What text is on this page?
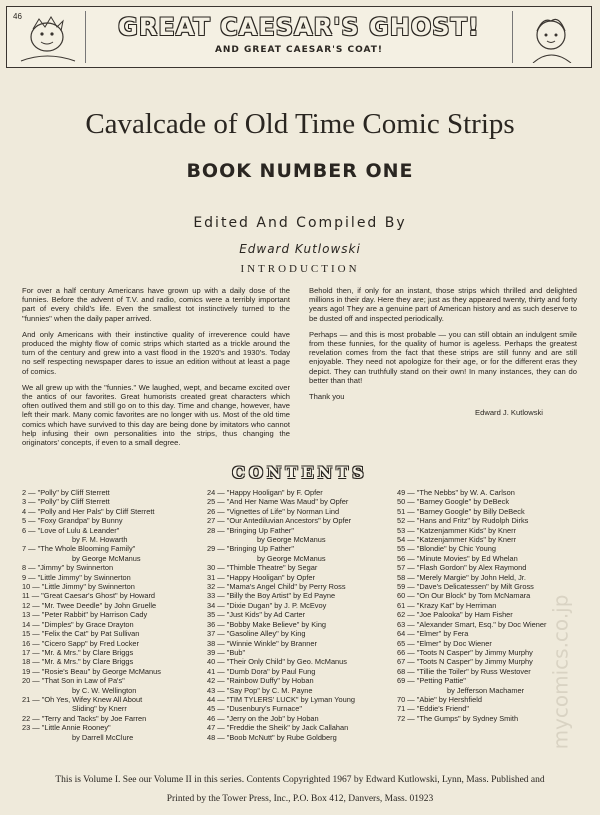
46	GREAT CAESAR'S GHOST!
AND GREAT CAESAR'S COAT!
Cavalcade of Old Time Comic Strips
BOOK NUMBER ONE
Edited And Compiled By
Edward Kutlowski
INTRODUCTION

For over a half century Americans have grown up with a daily dose of the funnies. Before the advent of T.V. and radio, comics were a terribly important part of every child's life. Even the smallest tot instinctively turned to the "funnies" when the daily paper arrived.

And only Americans with their instinctive quality of irreverence could have produced the mighty flow of comic strips which started as a trickle around the turn of the century and grew into a vast flood in the 1920's and 1930's. Today no self respecting newspaper dares to issue an edition without at least a page of comics.

We all grew up with the "funnies." We laughed, wept, and became excited over the antics of our favorites. Great humorists created great characters which often outlived them and still go on to this day. Time and change, however, have left their mark. Many comic favorites are no longer with us. Most of the old time comics which have survived to this day are being done by imitators who cannot help infusing their own personalities into the strips, thus changing the originators' concepts, if even to a small degree.

Behold then, if only for an instant, those strips which thrilled and delighted millions in their day. Here they are; just as they appeared twenty, thirty and forty years ago! They are a genuine part of American history and as such deserve to be dusted off and inspected periodically.

Perhaps — and this is most probable — you can still obtain an indulgent smile from these funnies, for the quality of humor is ageless. Perhaps the greatest revelation comes from the fact that these strips are still funny and are still enjoyable. They need not apologize for their age, or for the different eras they depict. They can truthfully stand on their own! In many instances, they can do better than that!

Thank you

Edward J. Kutlowski

CONTENTS
2 — "Polly" by Cliff Sterrett
3 — "Polly" by Cliff Sterrett
4 — "Polly and Her Pals" by Cliff Sterrett
5 — "Foxy Grandpa" by Bunny
6 — "Love of Lulu & Leander"
by F. M. Howarth
7 — "The Whole Blooming Family"
by George McManus
8 — "Jimmy" by Swinnerton
9 — "Little Jimmy" by Swinnerton
10 — "Little Jimmy" by Swinnerton
11 — "Great Caesar's Ghost" by Howard
12 — "Mr. Twee Deedle" by John Gruelle
13 — "Peter Rabbit" by Harrison Cady
14 — "Dimples" by Grace Drayton
15 — "Felix the Cat" by Pat Sullivan
16 — "Cicero Sapp" by Fred Locker
17 — "Mr. & Mrs." by Clare Briggs
18 — "Mr. & Mrs." by Clare Briggs
19 — "Rosie's Beau" by George McManus
20 — "That Son in Law of Pa's"
by C. W. Wellington
21 — "Oh Yes, Wifey Knew All About
Sliding" by Knerr
22 — "Terry and Tacks" by Joe Farren
23 — "Little Annie Rooney"
by Darrell McClure
24 — "Happy Hooligan" by F. Opfer
25 — "And Her Name Was Maud" by Opfer
26 — "Vignettes of Life" by Norman Lind
27 — "Our Antediluvian Ancestors" by Opfer
28 — "Bringing Up Father"
by George McManus
29 — "Bringing Up Father"
by George McManus
30 — "Thimble Theatre" by Segar
31 — "Happy Hooligan" by Opfer
32 — "Mama's Angel Child" by Perry Ross
33 — "Billy the Boy Artist" by Ed Payne
34 — "Dixie Dugan" by J. P. McEvoy
35 — "Just Kids" by Ad Carter
36 — "Bobby Make Believe" by King
37 — "Gasoline Alley" by King
38 — "Winnie Winkle" by Branner
39 — "Bub"
40 — "Their Only Child" by Geo. McManus
41 — "Dumb Dora" by Paul Fung
42 — "Rainbow Duffy" by Hoban
43 — "Say Pop" by C. M. Payne
44 — "TIM TYLERS' LUCK" by Lyman Young
45 — "Dusenbury's Furnace"
46 — "Jerry on the Job" by Hoban
47 — "Freddie the Sheik" by Jack Callahan
48 — "Boob McNutt" by Rube Goldberg
49 — "The Nebbs" by W. A. Carlson
50 — "Barney Google" by DeBeck
51 — "Barney Google" by Billy DeBeck
52 — "Hans and Fritz" by Rudolph Dirks
53 — "Katzenjammer Kids" by Knerr
54 — "Katzenjammer Kids" by Knerr
55 — "Blondie" by Chic Young
56 — "Minute Movies" by Ed Whelan
57 — "Flash Gordon" by Alex Raymond
58 — "Merely Margie" by John Held, Jr.
59 — "Dave's Delicatessen" by Milt Gross
60 — "On Our Block" by Tom McNamara
61 — "Krazy Kat" by Herriman
62 — "Joe Palooka" by Ham Fisher
63 — "Alexander Smart, Esq." by Doc Wiener
64 — "Elmer" by Fera
65 — "Elmer" by Doc Wiener
66 — "Toots N Casper" by Jimmy Murphy
67 — "Toots N Casper" by Jimmy Murphy
68 — "Tillie the Toiler" by Russ Westover
69 — "Petting Pattie"
by Jefferson Machamer
70 — "Abie" by Hershfield
71 — "Eddie's Friend"
72 — "The Gumps" by Sydney Smith
This is Volume I. See our Volume II in this series. Contents Copyrighted 1967 by Edward Kutlowski, Lynn, Mass. Published and
Printed by the Tower Press, Inc., P.O. Box 412, Danvers, Mass. 01923
mycomics.co.jp
